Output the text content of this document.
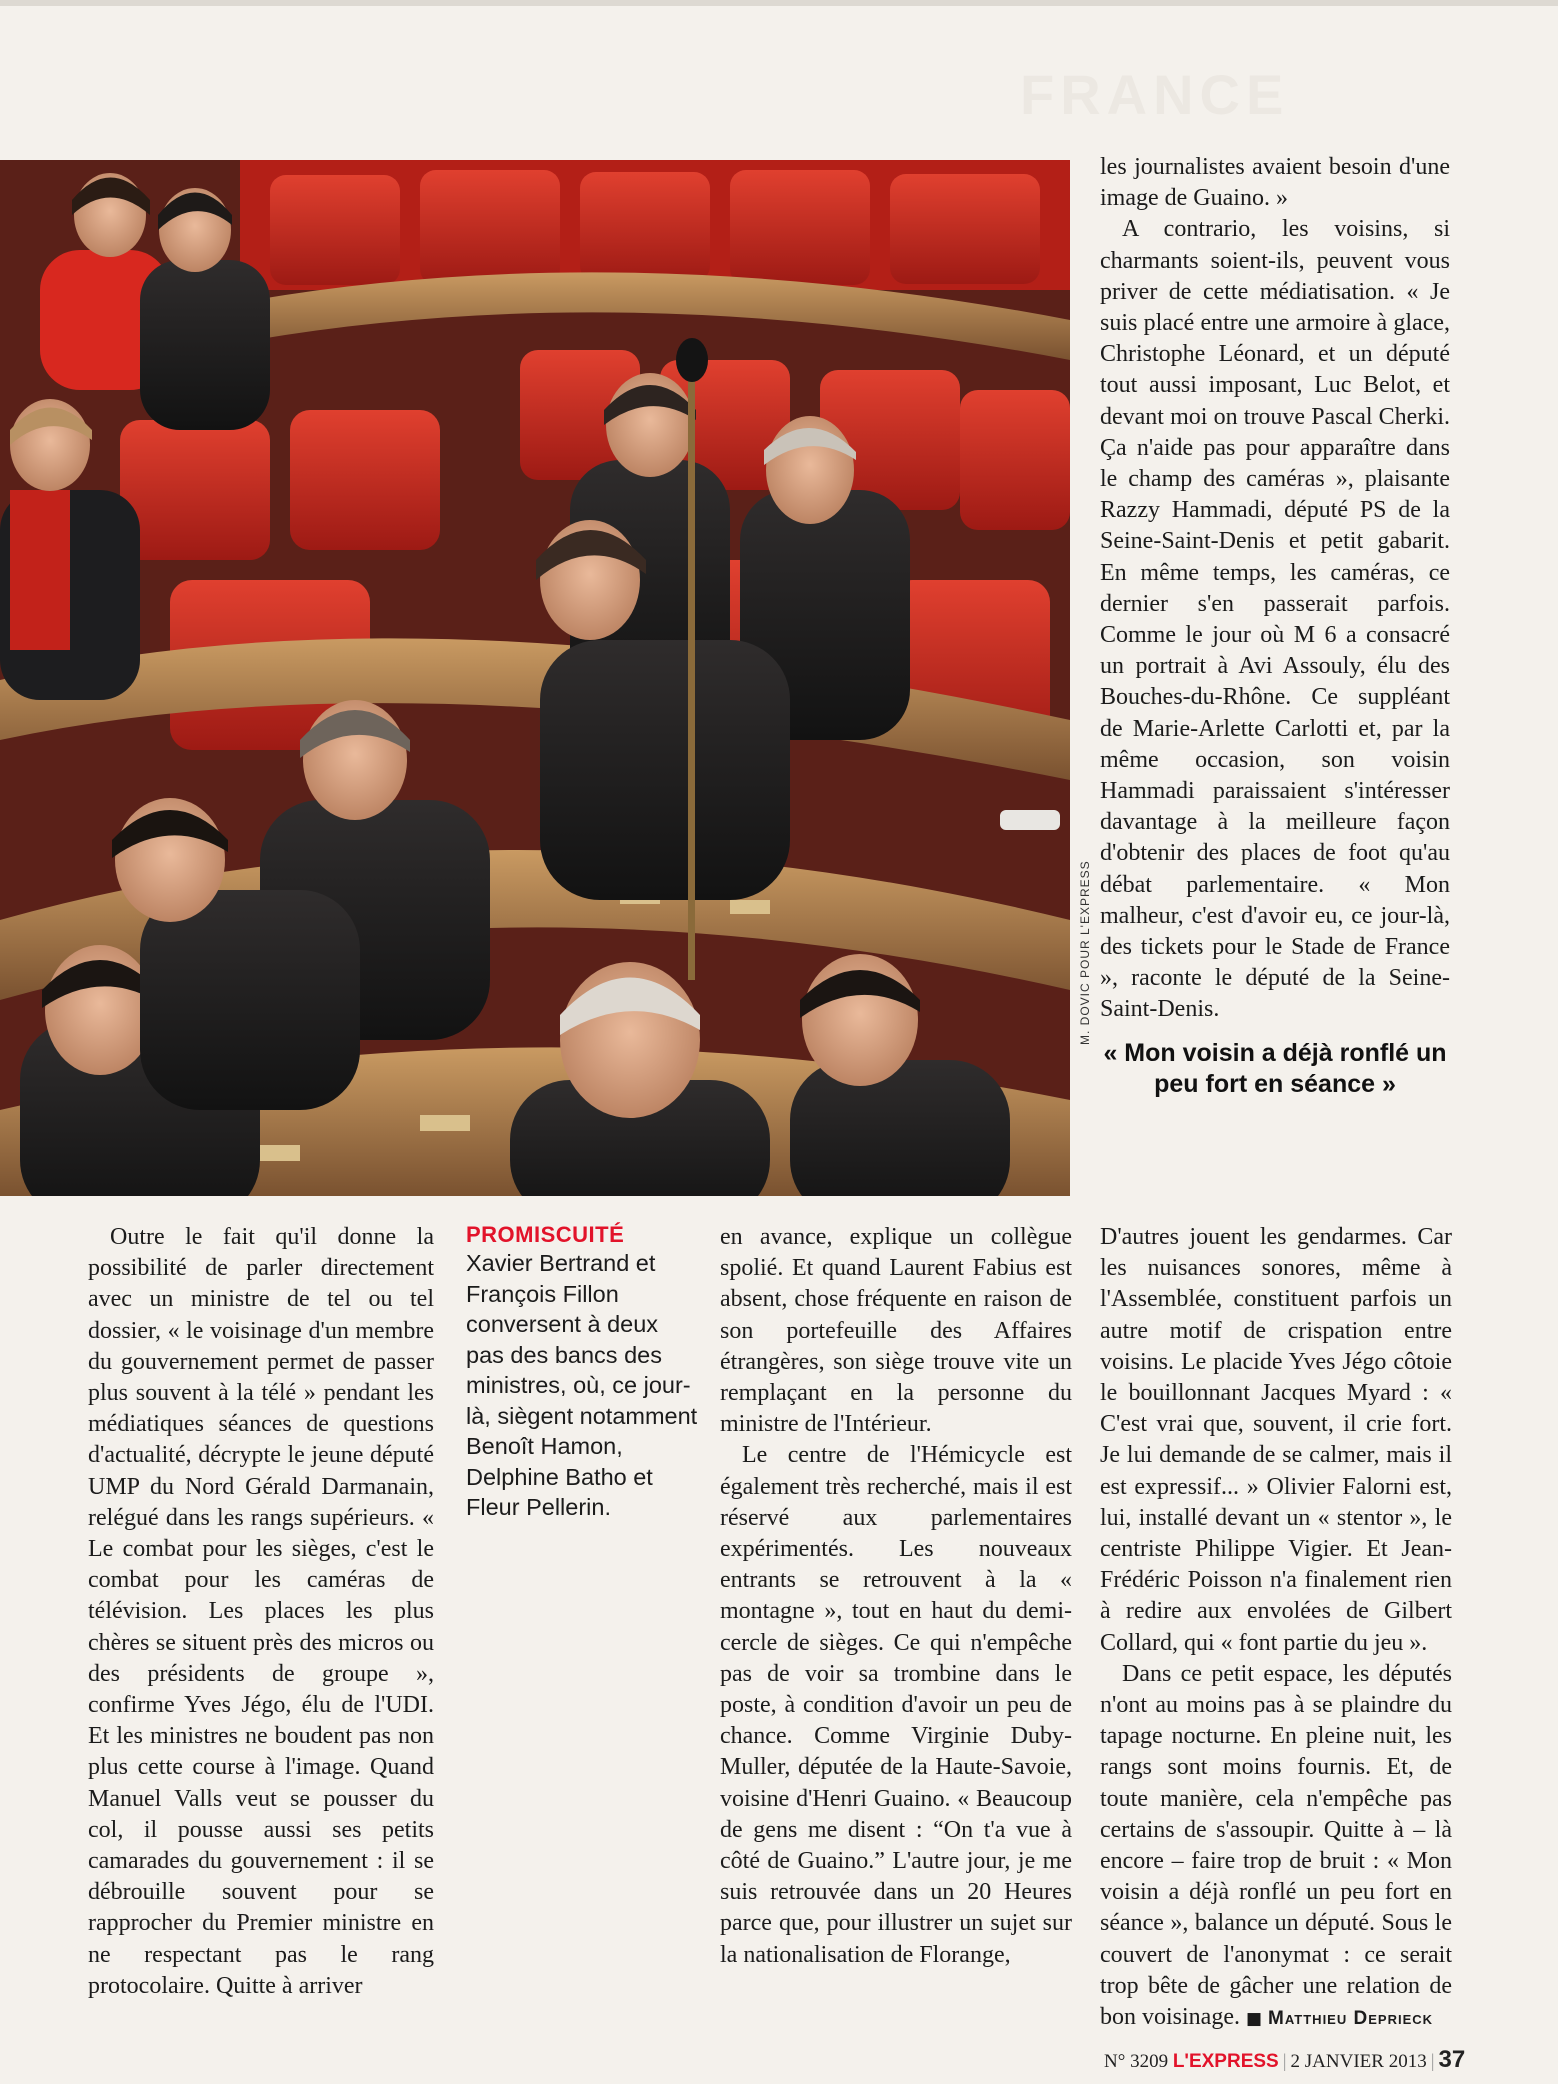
FRANCE
M. DOVIC POUR L'EXPRESS

les journalistes avaient besoin d'une image de Guaino. »

A contrario, les voisins, si charmants soient-ils, peuvent vous priver de cette médiatisation. « Je suis placé entre une armoire à glace, Christophe Léonard, et un député tout aussi imposant, Luc Belot, et devant moi on trouve Pascal Cherki. Ça n'aide pas pour apparaître dans le champ des caméras », plaisante Razzy Hammadi, député PS de la Seine-Saint-Denis et petit gabarit. En même temps, les caméras, ce dernier s'en passerait parfois. Comme le jour où M 6 a consacré un portrait à Avi Assouly, élu des Bouches-du-Rhône. Ce suppléant de Marie-Arlette Carlotti et, par la même occasion, son voisin Hammadi paraissaient s'intéresser davantage à la meilleure façon d'obtenir des places de foot qu'au débat parlementaire. « Mon malheur, c'est d'avoir eu, ce jour-là, des tickets pour le Stade de France », raconte le député de la Seine-Saint-Denis.

« Mon voisin a déjà ronflé un peu fort en séance »
PROMISCUITÉ
Xavier Bertrand et François Fillon conversent à deux pas des bancs des ministres, où, ce jour-là, siègent notamment Benoît Hamon, Delphine Batho et Fleur Pellerin.

Outre le fait qu'il donne la possibilité de parler directement avec un ministre de tel ou tel dossier, « le voisinage d'un membre du gouvernement permet de passer plus souvent à la télé » pendant les médiatiques séances de questions d'actualité, décrypte le jeune député UMP du Nord Gérald Darmanain, relégué dans les rangs supérieurs. « Le combat pour les sièges, c'est le combat pour les caméras de télévision. Les places les plus chères se situent près des micros ou des présidents de groupe », confirme Yves Jégo, élu de l'UDI. Et les ministres ne boudent pas non plus cette course à l'image. Quand Manuel Valls veut se pousser du col, il pousse aussi ses petits camarades du gouvernement : il se débrouille souvent pour se rapprocher du Premier ministre en ne respectant pas le rang protocolaire. Quitte à arriver

en avance, explique un collègue spolié. Et quand Laurent Fabius est absent, chose fréquente en raison de son portefeuille des Affaires étrangères, son siège trouve vite un remplaçant en la personne du ministre de l'Intérieur.

Le centre de l'Hémicycle est également très recherché, mais il est réservé aux parlementaires expérimentés. Les nouveaux entrants se retrouvent à la « montagne », tout en haut du demi-cercle de sièges. Ce qui n'empêche pas de voir sa trombine dans le poste, à condition d'avoir un peu de chance. Comme Virginie Duby-Muller, députée de la Haute-Savoie, voisine d'Henri Guaino. « Beaucoup de gens me disent : “On t'a vue à côté de Guaino.” L'autre jour, je me suis retrouvée dans un 20 Heures parce que, pour illustrer un sujet sur la nationalisation de Florange,

D'autres jouent les gendarmes. Car les nuisances sonores, même à l'Assemblée, constituent parfois un autre motif de crispation entre voisins. Le placide Yves Jégo côtoie le bouillonnant Jacques Myard : « C'est vrai que, souvent, il crie fort. Je lui demande de se calmer, mais il est expressif... » Olivier Falorni est, lui, installé devant un « stentor », le centriste Philippe Vigier. Et Jean-Frédéric Poisson n'a finalement rien à redire aux envolées de Gilbert Collard, qui « font partie du jeu ».

Dans ce petit espace, les députés n'ont au moins pas à se plaindre du tapage nocturne. En pleine nuit, les rangs sont moins fournis. Et, de toute manière, cela n'empêche pas certains de s'assoupir. Quitte à – là encore – faire trop de bruit : « Mon voisin a déjà ronflé un peu fort en séance », balance un député. Sous le couvert de l'anonymat : ce serait trop bête de gâcher une relation de bon voisinage. ■ Matthieu Deprieck

N° 3209 L'EXPRESS | 2 JANVIER 2013 | 37
